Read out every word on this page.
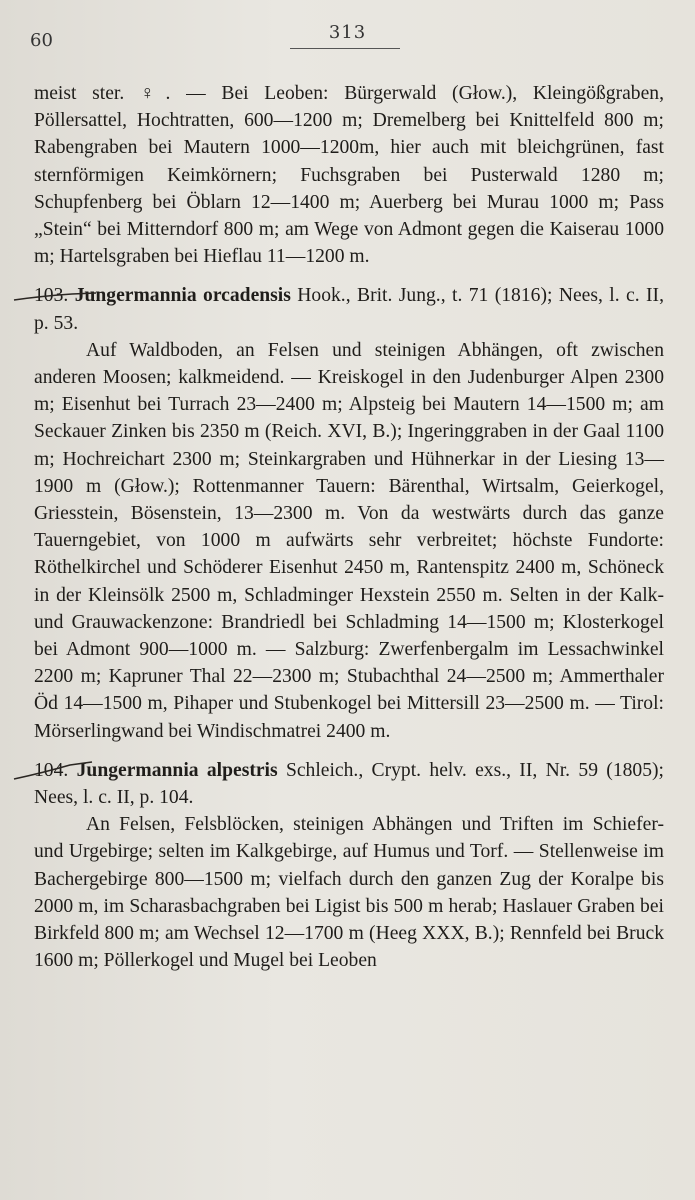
60	313

meist ster. ♀. — Bei Leoben: Bürgerwald (Głow.), Kleingößgraben, Pöllersattel, Hochtratten, 600—1200 m; Dremelberg bei Knittelfeld 800 m; Rabengraben bei Mautern 1000—1200m, hier auch mit bleichgrünen, fast sternförmigen Keimkörnern; Fuchsgraben bei Pusterwald 1280 m; Schupfenberg bei Öblarn 12—1400 m; Auerberg bei Murau 1000 m; Pass „Stein“ bei Mitterndorf 800 m; am Wege von Admont gegen die Kaiserau 1000 m; Hartelsgraben bei Hieflau 11—1200 m.

103. Jungermannia orcadensis Hook., Brit. Jung., t. 71 (1816); Nees, l. c. II, p. 53.

Auf Waldboden, an Felsen und steinigen Abhängen, oft zwischen anderen Moosen; kalkmeidend. — Kreiskogel in den Judenburger Alpen 2300 m; Eisenhut bei Turrach 23—2400 m; Alpsteig bei Mautern 14—1500 m; am Seckauer Zinken bis 2350 m (Reich. XVI, B.); Ingeringgraben in der Gaal 1100 m; Hochreichart 2300 m; Steinkargraben und Hühnerkar in der Liesing 13—1900 m (Głow.); Rottenmanner Tauern: Bärenthal, Wirtsalm, Geierkogel, Griesstein, Bösenstein, 13—2300 m. Von da westwärts durch das ganze Tauerngebiet, von 1000 m aufwärts sehr verbreitet; höchste Fundorte: Röthelkirchel und Schöderer Eisenhut 2450 m, Rantenspitz 2400 m, Schöneck in der Kleinsölk 2500 m, Schladminger Hexstein 2550 m. Selten in der Kalk- und Grauwackenzone: Brandriedl bei Schladming 14—1500 m; Klosterkogel bei Admont 900—1000 m. — Salzburg: Zwerfenbergalm im Lessachwinkel 2200 m; Kapruner Thal 22—2300 m; Stubachthal 24—2500 m; Ammerthaler Öd 14—1500 m, Pihaper und Stubenkogel bei Mittersill 23—2500 m. — Tirol: Mörserlingwand bei Windischmatrei 2400 m.

104. Jungermannia alpestris Schleich., Crypt. helv. exs., II, Nr. 59 (1805); Nees, l. c. II, p. 104.

An Felsen, Felsblöcken, steinigen Abhängen und Triften im Schiefer- und Urgebirge; selten im Kalkgebirge, auf Humus und Torf. — Stellenweise im Bachergebirge 800—1500 m; vielfach durch den ganzen Zug der Koralpe bis 2000 m, im Scharasbachgraben bei Ligist bis 500 m herab; Haslauer Graben bei Birkfeld 800 m; am Wechsel 12—1700 m (Heeg XXX, B.); Rennfeld bei Bruck 1600 m; Pöllerkogel und Mugel bei Leoben
